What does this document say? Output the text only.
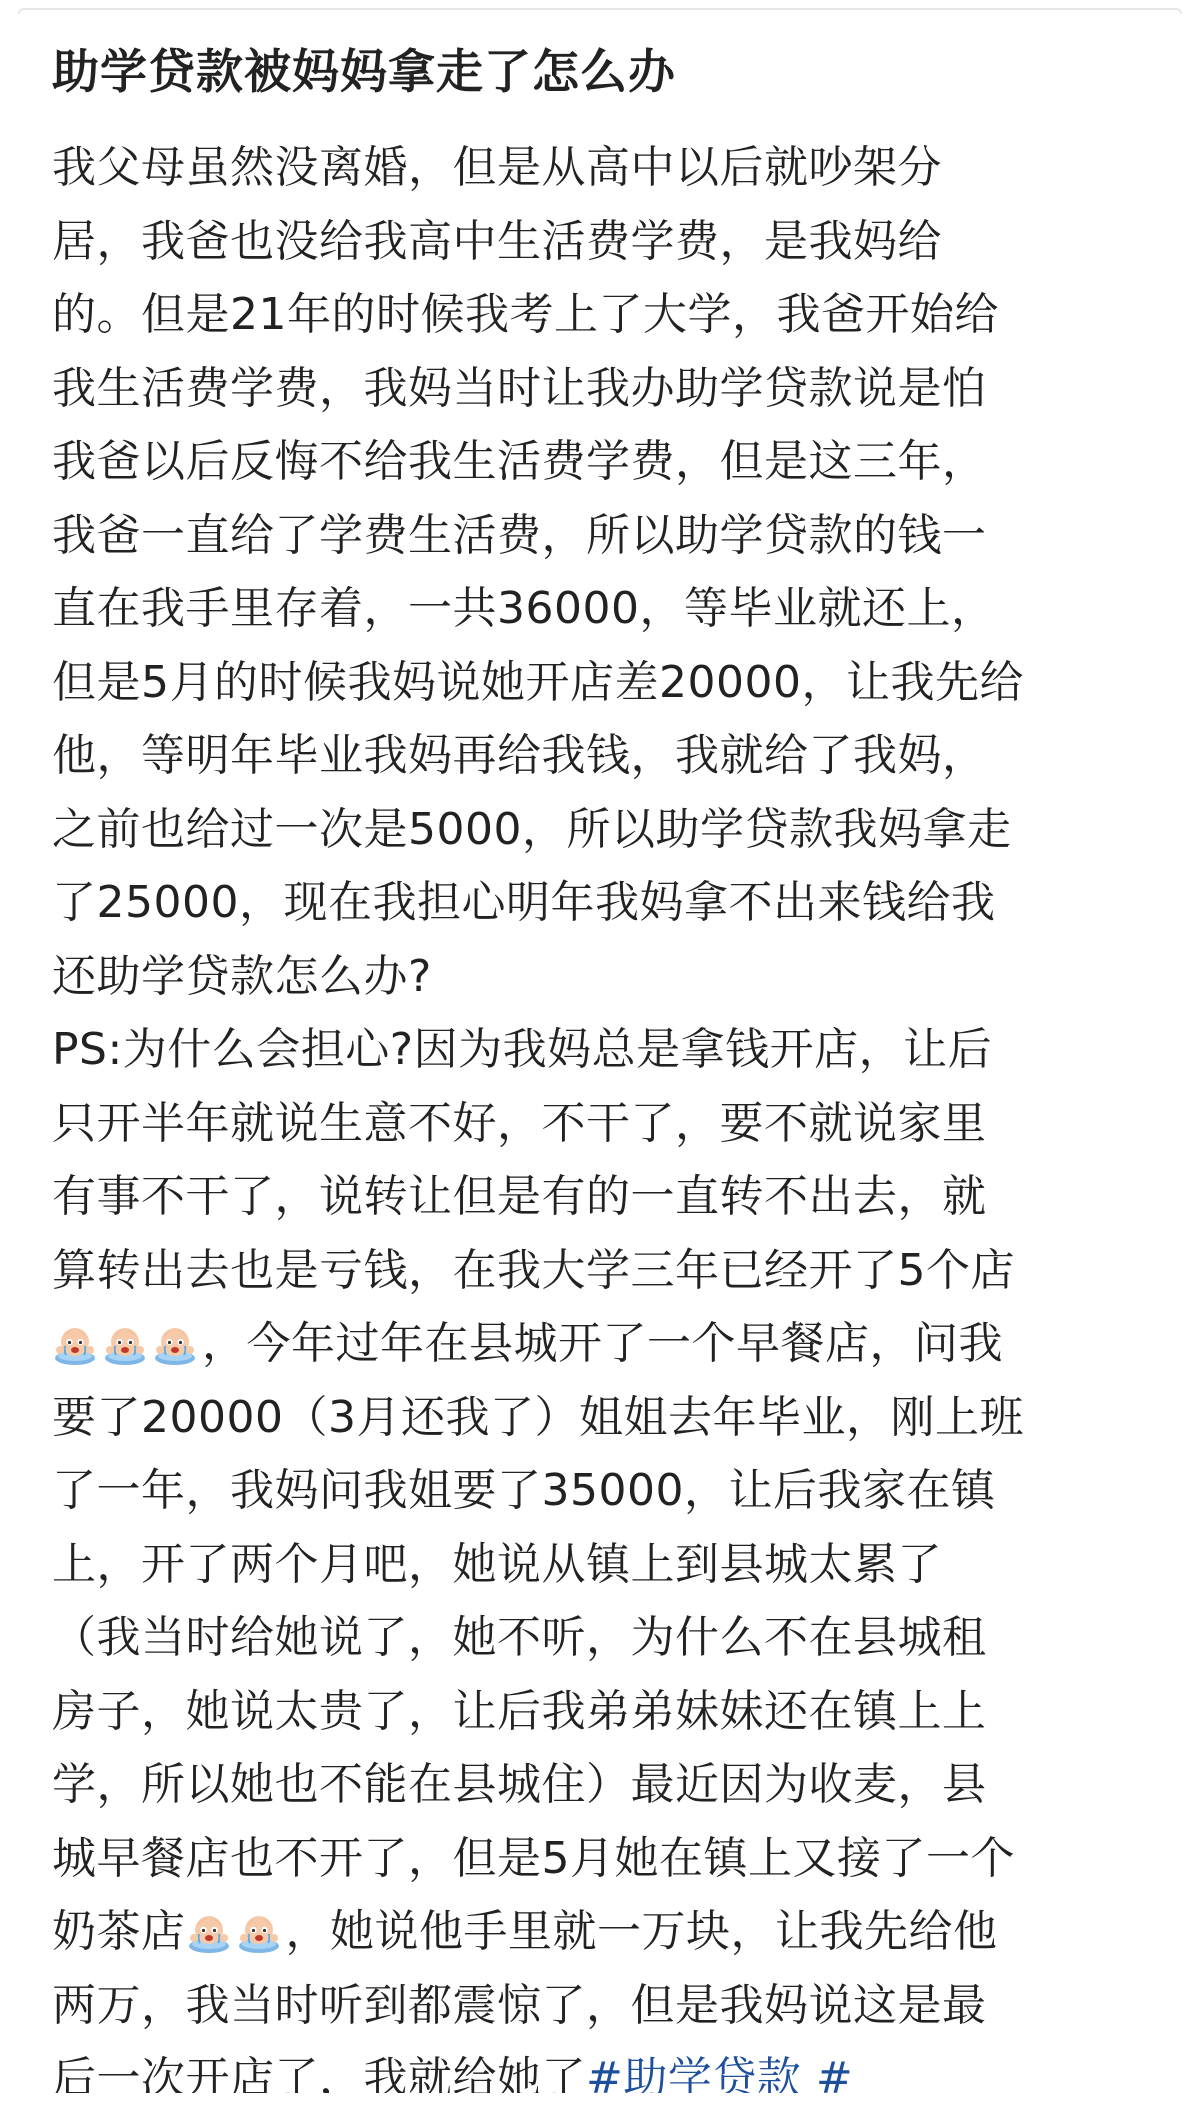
助学贷款被妈妈拿走了怎么办
我父母虽然没离婚，但是从高中以后就吵架分
居，我爸也没给我高中生活费学费，是我妈给
的。但是21年的时候我考上了大学，我爸开始给
我生活费学费，我妈当时让我办助学贷款说是怕
我爸以后反悔不给我生活费学费，但是这三年，
我爸一直给了学费生活费，所以助学贷款的钱一
直在我手里存着，一共36000，等毕业就还上，
但是5月的时候我妈说她开店差20000，让我先给
他，等明年毕业我妈再给我钱，我就给了我妈，
之前也给过一次是5000，所以助学贷款我妈拿走
了25000，现在我担心明年我妈拿不出来钱给我
还助学贷款怎么办?
PS:为什么会担心?因为我妈总是拿钱开店，让后
只开半年就说生意不好，不干了，要不就说家里
有事不干了，说转让但是有的一直转不出去，就
算转出去也是亏钱，在我大学三年已经开了5个店
，今年过年在县城开了一个早餐店，问我
要了20000（3月还我了）姐姐去年毕业，刚上班
了一年，我妈问我姐要了35000，让后我家在镇
上，开了两个月吧，她说从镇上到县城太累了
（我当时给她说了，她不听，为什么不在县城租
房子，她说太贵了，让后我弟弟妹妹还在镇上上
学，所以她也不能在县城住）最近因为收麦，县
城早餐店也不开了，但是5月她在镇上又接了一个
奶茶店 ，她说他手里就一万块，让我先给他
两万，我当时听到都震惊了，但是我妈说这是最
后一次开店了，我就给她了#助学贷款 #
